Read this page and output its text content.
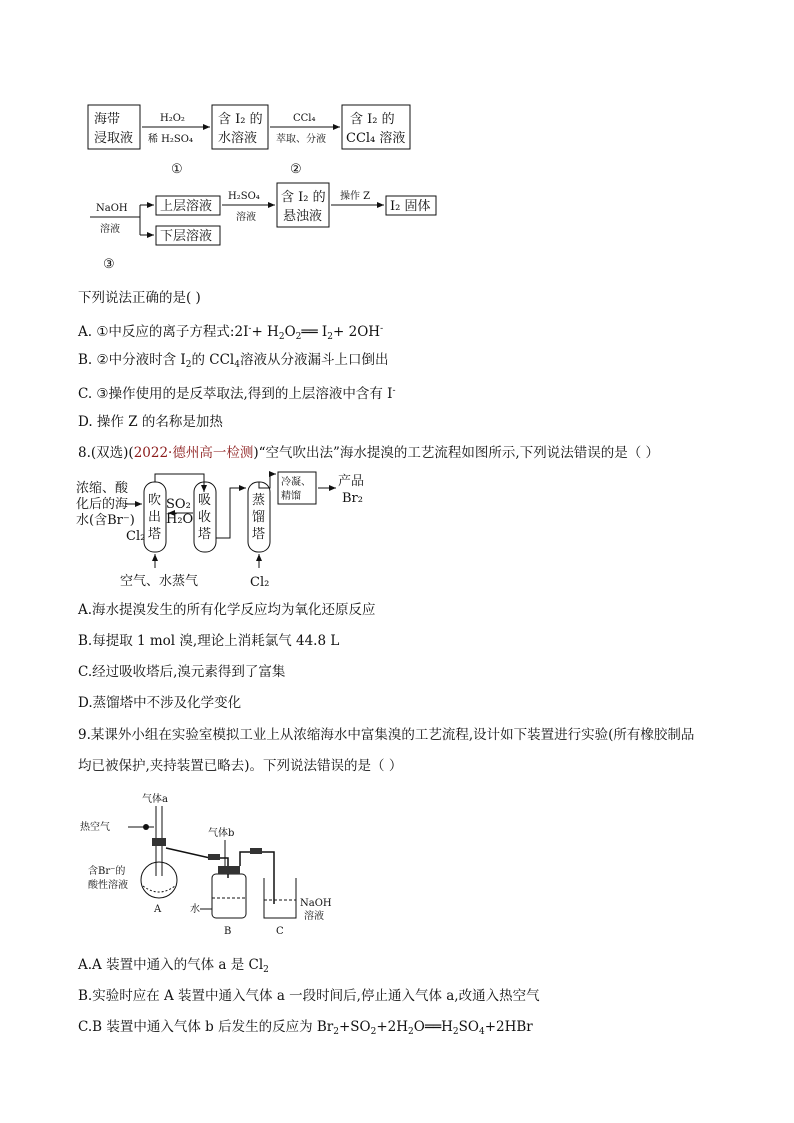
海带
浸取液
H₂O₂
稀 H₂SO₄
①
含 I₂ 的
水溶液
CCl₄
萃取、分液
②
含 I₂ 的
CCl₄ 溶液
NaOH
溶液
上层溶液
下层溶液
H₂SO₄
溶液
含 I₂ 的
悬浊液
操作 Z
I₂ 固体
③
下列说法正确的是( )
A. ①中反应的离子方程式:2I-+ $H_2O_2══$ $I_2+ 2OH^-$
B. ②中分液时含 $I_2$的 CCl$_4$溶液从分液漏斗上口倒出
C. ③操作使用的是反萃取法,得到的上层溶液中含有 I-
D. 操作 Z 的名称是加热
8.(双选)(2022·德州高一检测)“空气吹出法”海水提溴的工艺流程如图所示,下列说法错误的是（ ）
浓缩、酸
化后的海
水(含Br⁻)
Cl₂
吹
出
塔
SO₂
H₂O
吸
收
塔
蒸
馏
塔
冷凝、
精馏
产品
Br₂
空气、水蒸气	Cl₂
A.海水提溴发生的所有化学反应均为氧化还原反应
B.每提取 1 mol 溴,理论上消耗氯气 44.8 L
C.经过吸收塔后,溴元素得到了富集
D.蒸馏塔中不涉及化学变化
9.某课外小组在实验室模拟工业上从浓缩海水中富集溴的工艺流程,设计如下装置进行实验(所有橡胶制品
均已被保护,夹持装置已略去)。下列说法错误的是（ ）
气体a
热空气
含Br⁻的
酸性溶液
A
气体b
水
B	C
NaOH
溶液
A.A 装置中通入的气体 a 是 $Cl_2$
B.实验时应在 A 装置中通入气体 a 一段时间后,停止通入气体 a,改通入热空气
C.B 装置中通入气体 b 后发生的反应为 $Br_2+SO_2+2H_2O══H_2SO_4+2HBr$
